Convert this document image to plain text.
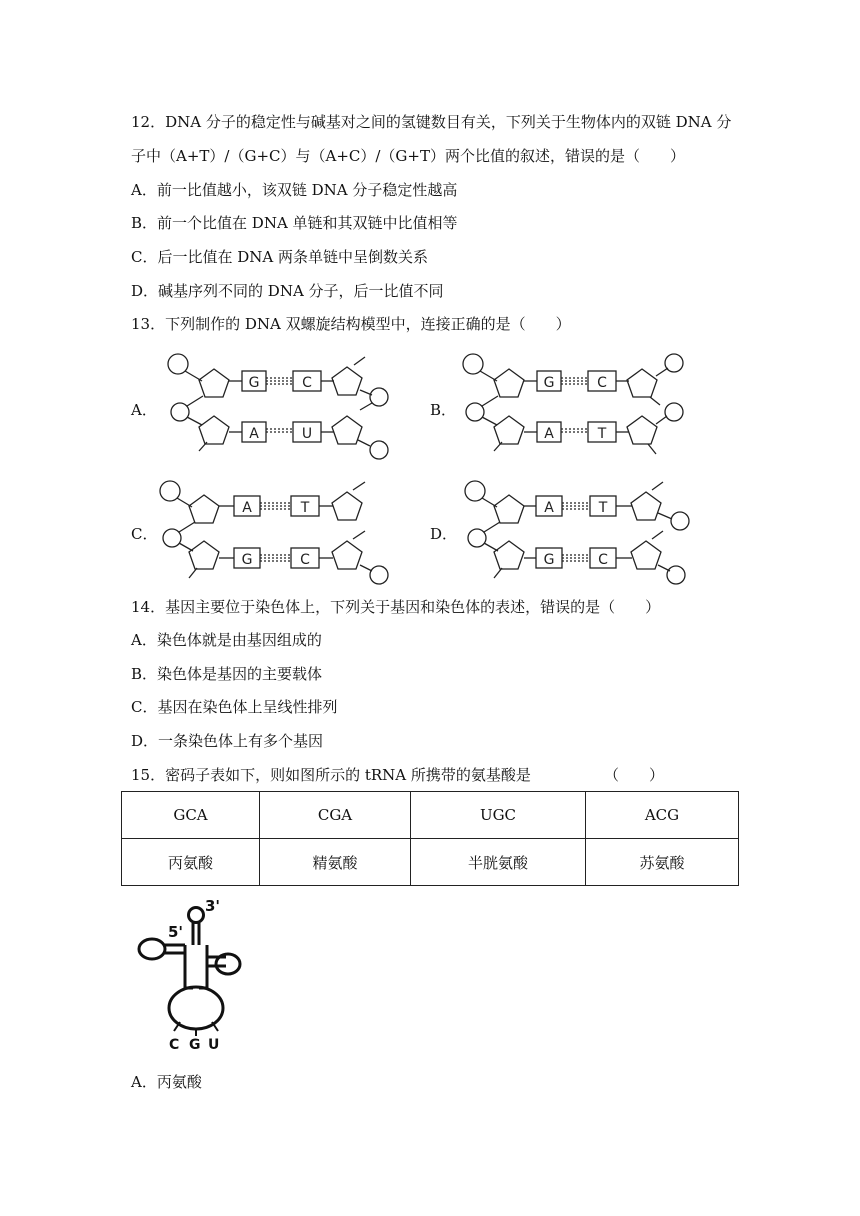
12．DNA 分子的稳定性与碱基对之间的氢键数目有关，下列关于生物体内的双链 DNA 分
子中（A+T）/（G+C）与（A+C）/（G+T）两个比值的叙述，错误的是（　　）
A．前一比值越小，该双链 DNA 分子稳定性越高
B．前一个比值在 DNA 单链和其双链中比值相等
C．后一比值在 DNA 两条单链中呈倒数关系
D．碱基序列不同的 DNA 分子，后一比值不同
13．下列制作的 DNA 双螺旋结构模型中，连接正确的是（　　）
A．	B．
C．	D．
G	C
A	U
G	C
A	T
A	T
G	C
A	T
G	C
14．基因主要位于染色体上，下列关于基因和染色体的表述，错误的是（　　）
A．染色体就是由基因组成的
B．染色体是基因的主要载体
C．基因在染色体上呈线性排列
D．一条染色体上有多个基因
15．密码子表如下，则如图所示的 tRNA 所携带的氨基酸是	（　　）
GCA	CGA	UGC	ACG
丙氨酸	精氨酸	半胱氨酸	苏氨酸
5'
3'
C G U
A．丙氨酸
